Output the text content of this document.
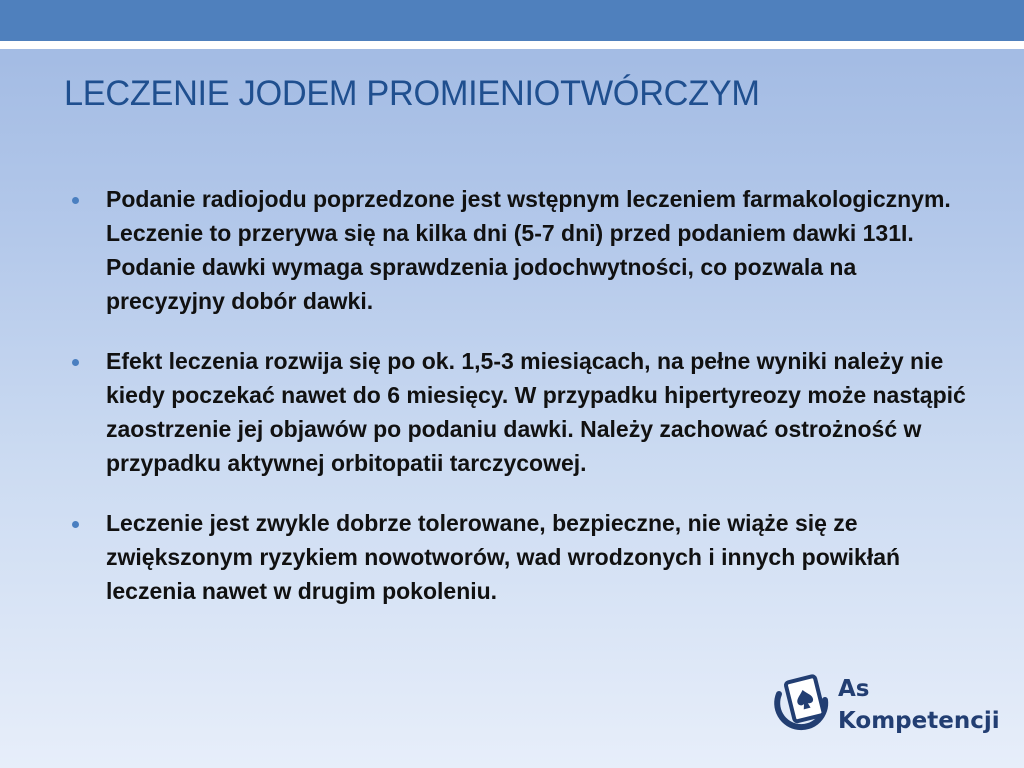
LECZENIE JODEM PROMIENIOTWÓRCZYM
Podanie radiojodu poprzedzone jest wstępnym leczeniem farmakologicznym. Leczenie to przerywa się na kilka dni (5-7 dni) przed podaniem dawki 131I. Podanie dawki wymaga sprawdzenia jodochwytności, co pozwala na precyzyjny dobór dawki.
Efekt leczenia rozwija się po ok. 1,5-3 miesiącach, na pełne wyniki należy nie kiedy poczekać nawet do 6 miesięcy. W przypadku hipertyreozy może nastąpić zaostrzenie jej objawów po podaniu dawki. Należy zachować ostrożność w przypadku aktywnej orbitopatii tarczycowej.
Leczenie jest zwykle dobrze tolerowane, bezpieczne, nie wiąże się ze zwiększonym ryzykiem nowotworów, wad wrodzonych i innych powikłań leczenia nawet w drugim pokoleniu.
As
Kompetencji
